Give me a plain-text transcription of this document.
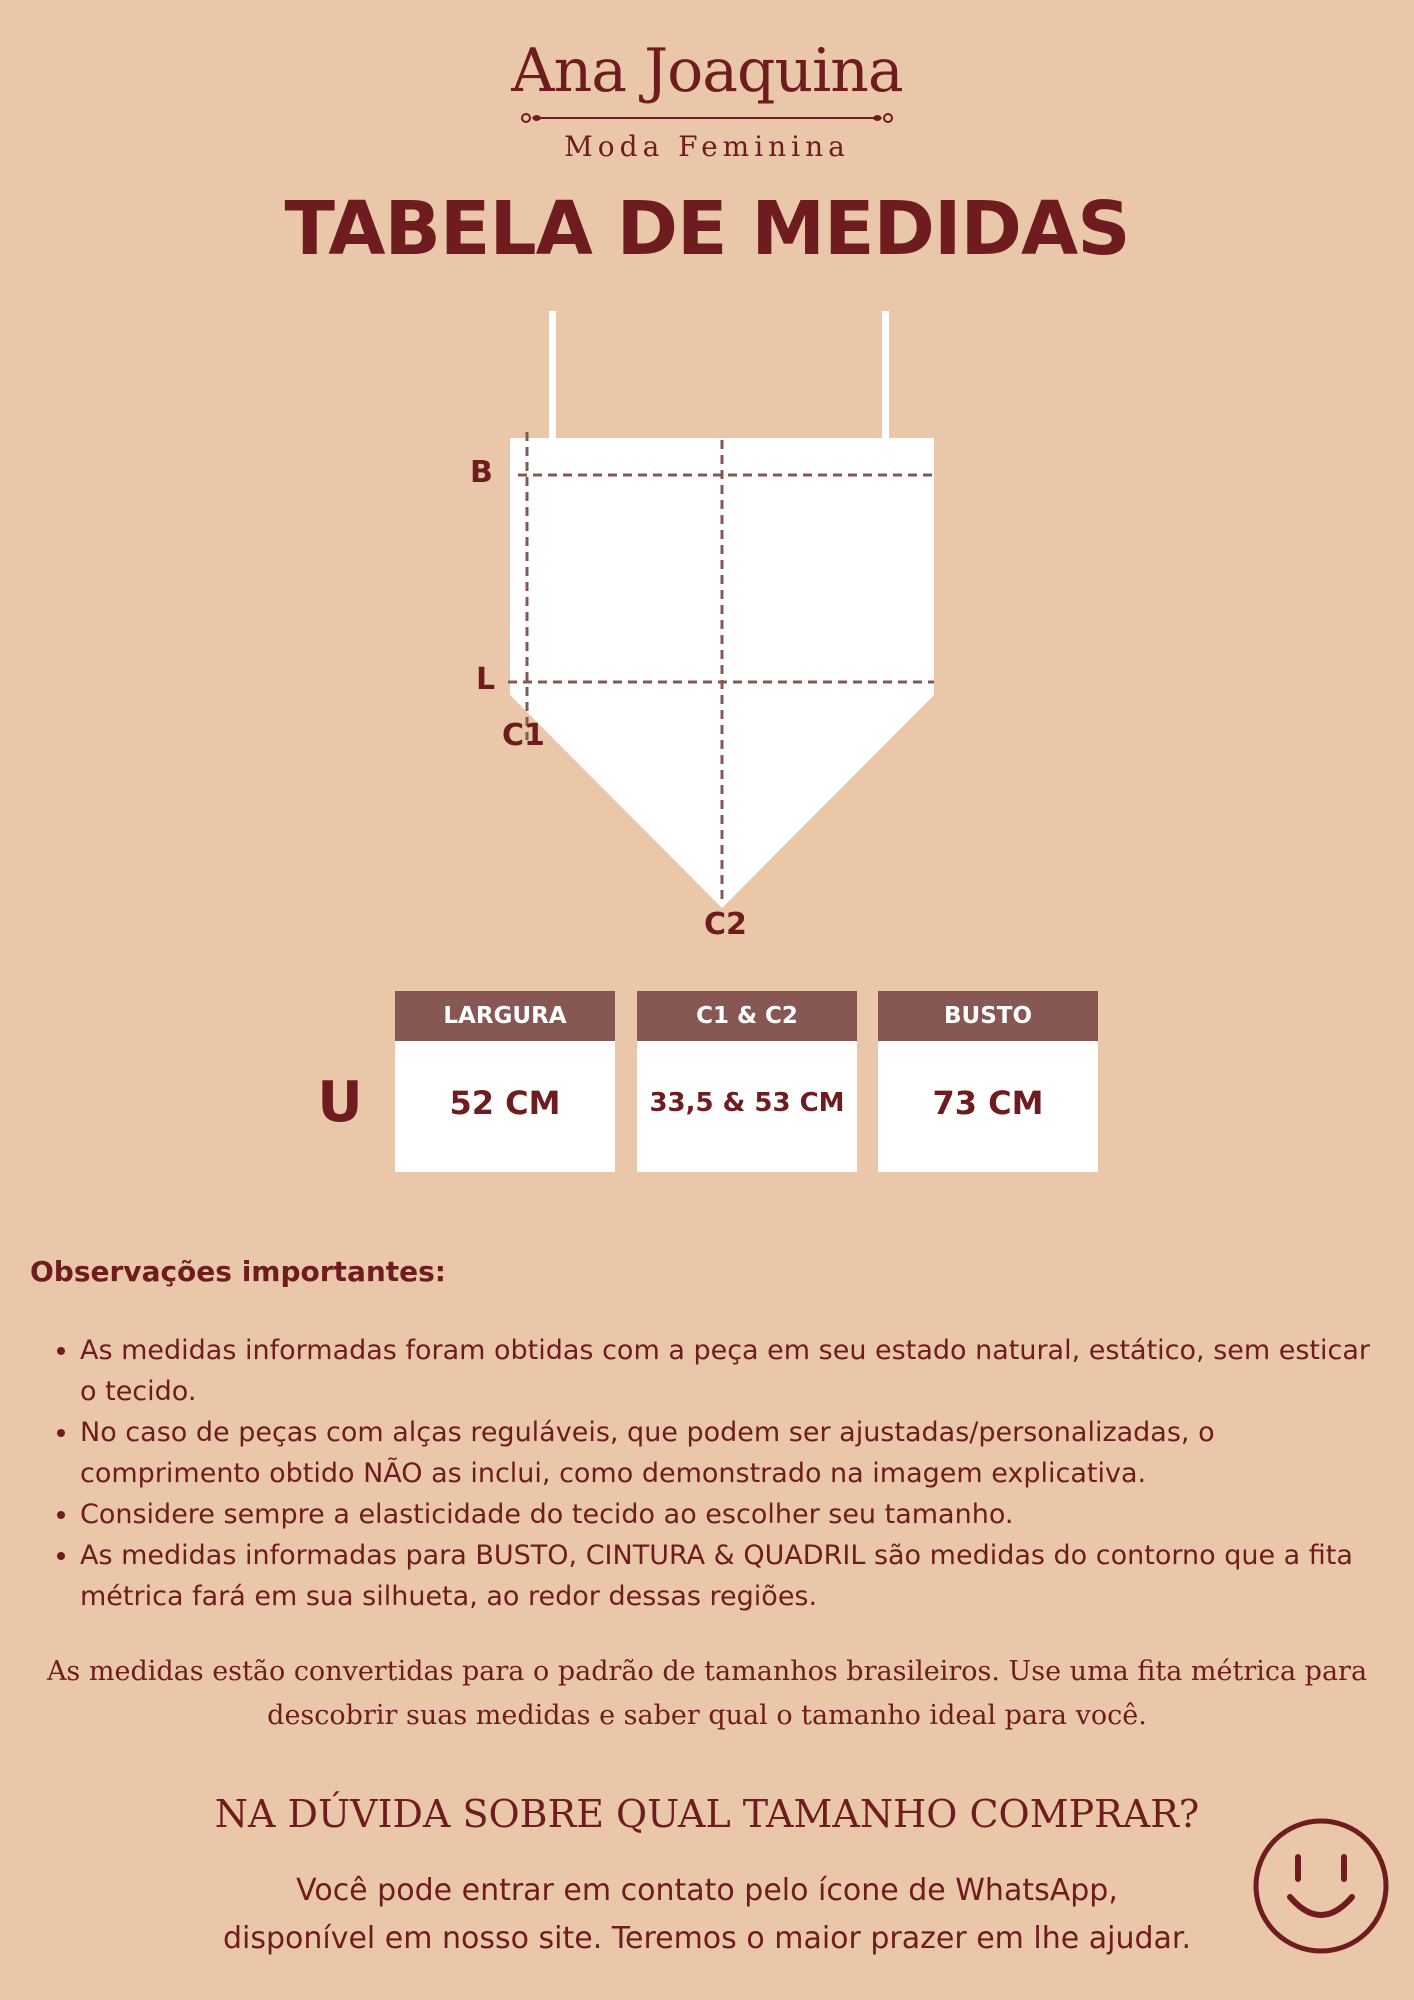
Ana Joaquina
Moda Feminina
TABELA DE MEDIDAS
B
L
C1
C2
U
LARGURA
52 CM
C1 & C2
33,5 & 53 CM
BUSTO
73 CM
Observações importantes:
• As medidas informadas foram obtidas com a peça em seu estado natural, estático, sem esticar o tecido.
• No caso de peças com alças reguláveis, que podem ser ajustadas/personalizadas, o comprimento obtido NÃO as inclui, como demonstrado na imagem explicativa.
• Considere sempre a elasticidade do tecido ao escolher seu tamanho.
• As medidas informadas para BUSTO, CINTURA & QUADRIL são medidas do contorno que a fita métrica fará em sua silhueta, ao redor dessas regiões.
As medidas estão convertidas para o padrão de tamanhos brasileiros. Use uma fita métrica para descobrir suas medidas e saber qual o tamanho ideal para você.
NA DÚVIDA SOBRE QUAL TAMANHO COMPRAR?
Você pode entrar em contato pelo ícone de WhatsApp,
disponível em nosso site. Teremos o maior prazer em lhe ajudar.
